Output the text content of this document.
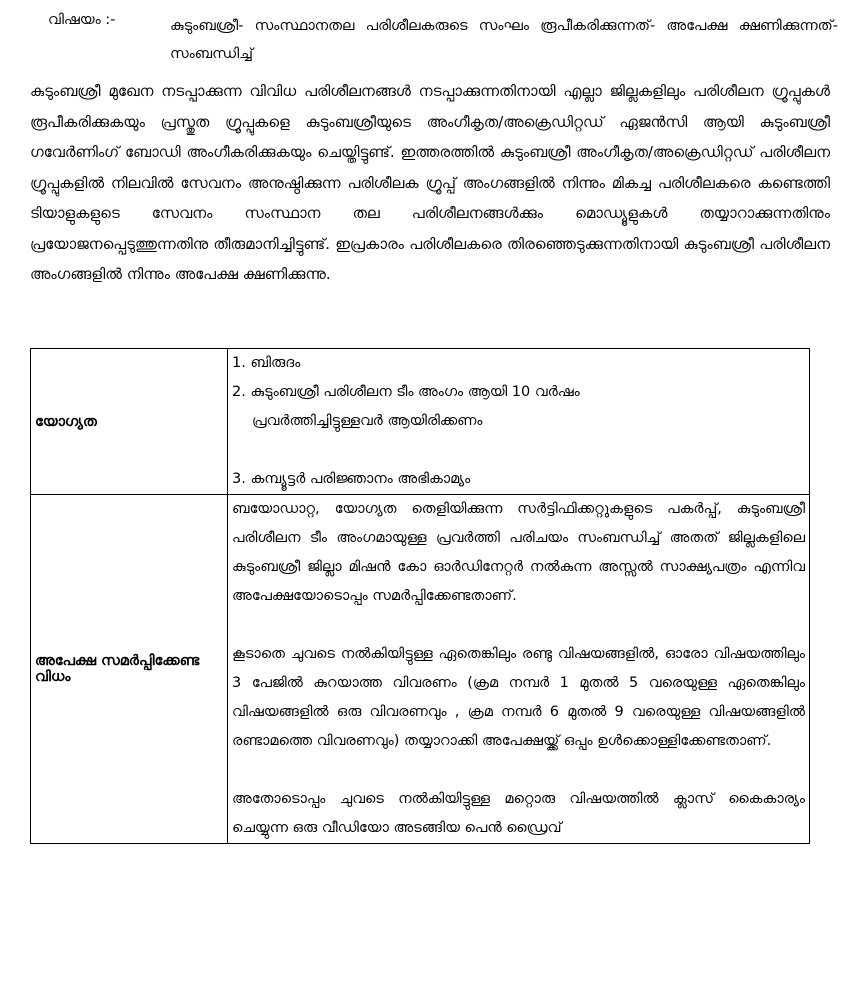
വിഷയം :-	കുടുംബശ്രീ- സംസ്ഥാനതല പരിശീലകരുടെ സംഘം രൂപീകരിക്കുന്നത്- അപേക്ഷ ക്ഷണിക്കുന്നത്- സംബന്ധിച്ച്
കുടുംബശ്രീ മുഖേന നടപ്പാക്കുന്ന വിവിധ പരിശീലനങ്ങൾ നടപ്പാക്കുന്നതിനായി എല്ലാ ജില്ലകളിലും പരിശീലന ഗ്രൂപ്പുകൾ രൂപീകരിക്കുകയും പ്രസ്തുത ഗ്രൂപ്പുകളെ കുടുംബശ്രീയുടെ അംഗീകൃത/അക്രെഡിറ്റഡ് ഏജൻസി ആയി കുടുംബശ്രീ ഗവേർണിംഗ് ബോഡി അംഗീകരിക്കുകയും ചെയ്തിട്ടുണ്ട്. ഇത്തരത്തിൽ കുടുംബശ്രീ അംഗീകൃത/അക്രെഡിറ്റഡ് പരിശീലന ഗ്രൂപ്പുകളിൽ നിലവിൽ സേവനം അനുഷ്ഠിക്കുന്ന പരിശീലക ഗ്രൂപ്പ് അംഗങ്ങളിൽ നിന്നും മികച്ച പരിശീലകരെ കണ്ടെത്തി ടിയാളുകളുടെ സേവനം സംസ്ഥാന തല പരിശീലനങ്ങൾക്കും മൊഡ്യൂളുകൾ തയ്യാറാക്കുന്നതിനും പ്രയോജനപ്പെടുത്തുന്നതിനു തീരുമാനിച്ചിട്ടുണ്ട്. ഇപ്രകാരം പരിശീലകരെ തിരഞ്ഞെടുക്കുന്നതിനായി കുടുംബശ്രീ പരിശീലന അംഗങ്ങളിൽ നിന്നും അപേക്ഷ ക്ഷണിക്കുന്നു.
യോഗ്യത	1. ബിരുദം
2. കുടുംബശ്രീ പരിശീലന ടീം അംഗം ആയി 10 വർഷം
പ്രവർത്തിച്ചിട്ടുള്ളവർ ആയിരിക്കണം
3. കമ്പ്യൂട്ടർ പരിജ്ഞാനം അഭികാമ്യം

അപേക്ഷ സമർപ്പിക്കേണ്ട വിധം	ബയോഡാറ്റ, യോഗ്യത തെളിയിക്കുന്ന സർട്ടിഫിക്കറ്റുകളുടെ പകർപ്പ്, കുടുംബശ്രീ പരിശീലന ടീം അംഗമായുള്ള പ്രവർത്തി പരിചയം സംബന്ധിച്ച് അതത് ജില്ലകളിലെ കുടുംബശ്രീ ജില്ലാ മിഷൻ കോ ഓർഡിനേറ്റർ നൽകുന്ന അസ്സൽ സാക്ഷ്യപത്രം എന്നിവ അപേക്ഷയോടൊപ്പം സമർപ്പിക്കേണ്ടതാണ്.
കൂടാതെ ചുവടെ നൽകിയിട്ടുള്ള ഏതെങ്കിലും രണ്ടു വിഷയങ്ങളിൽ, ഓരോ വിഷയത്തിലും 3 പേജിൽ കുറയാത്ത വിവരണം (ക്രമ നമ്പർ 1 മുതൽ 5 വരെയുള്ള ഏതെങ്കിലും വിഷയങ്ങളിൽ ഒരു വിവരണവും , ക്രമ നമ്പർ 6 മുതൽ 9 വരെയുള്ള വിഷയങ്ങളിൽ രണ്ടാമത്തെ വിവരണവും) തയ്യാറാക്കി അപേക്ഷയ്ക്ക് ഒപ്പം ഉൾക്കൊള്ളിക്കേണ്ടതാണ്.
അതോടൊപ്പം ചുവടെ നൽകിയിട്ടുള്ള മറ്റൊരു വിഷയത്തിൽ ക്ലാസ് കൈകാര്യം ചെയ്യുന്ന ഒരു വീഡിയോ അടങ്ങിയ പെൻ ഡ്രൈവ്
